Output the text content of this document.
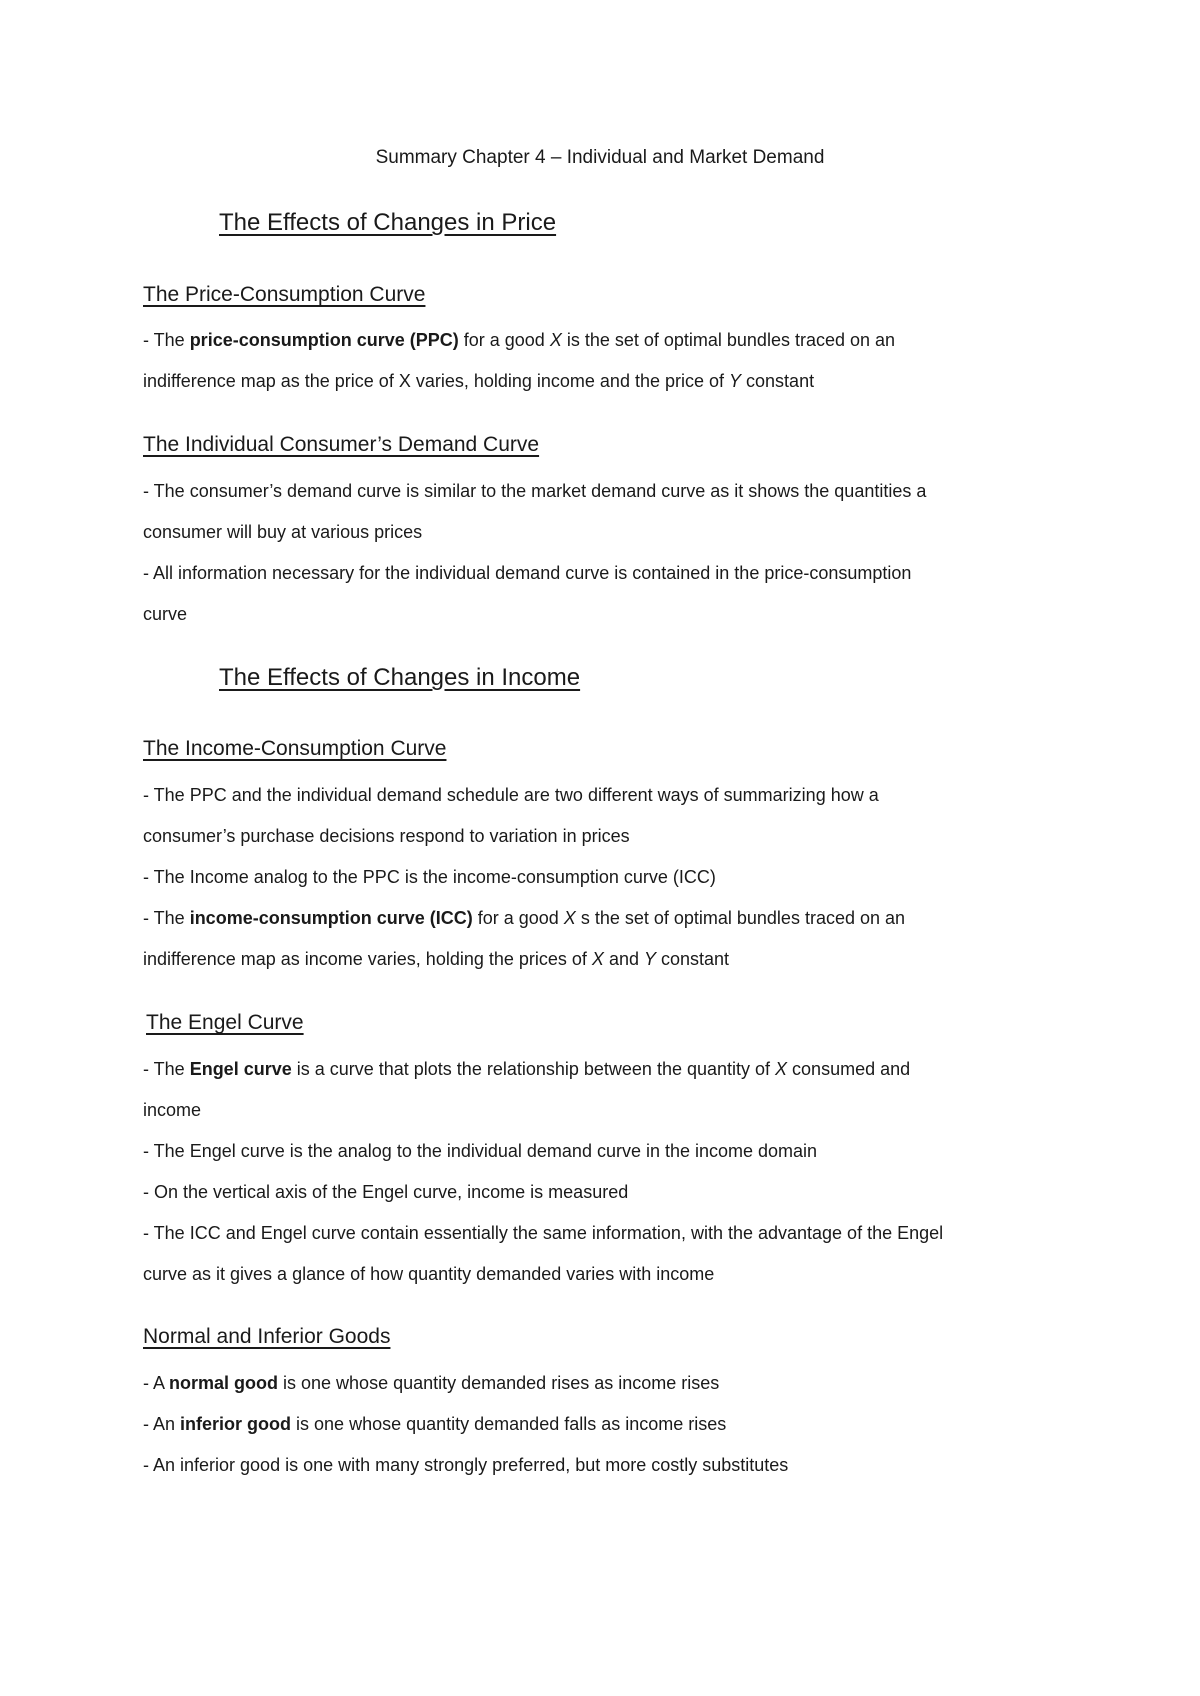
Summary Chapter 4 – Individual and Market Demand
The Effects of Changes in Price
The Price-Consumption Curve
- The price-consumption curve (PPC) for a good X is the set of optimal bundles traced on an
indifference map as the price of X varies, holding income and the price of Y constant
The Individual Consumer’s Demand Curve
- The consumer’s demand curve is similar to the market demand curve as it shows the quantities a
consumer will buy at various prices
- All information necessary for the individual demand curve is contained in the price-consumption
curve
The Effects of Changes in Income
The Income-Consumption Curve
- The PPC and the individual demand schedule are two different ways of summarizing how a
consumer’s purchase decisions respond to variation in prices
- The Income analog to the PPC is the income-consumption curve (ICC)
- The income-consumption curve (ICC) for a good X s the set of optimal bundles traced on an
indifference map as income varies, holding the prices of X and Y constant
The Engel Curve
- The Engel curve is a curve that plots the relationship between the quantity of X consumed and
income
- The Engel curve is the analog to the individual demand curve in the income domain
- On the vertical axis of the Engel curve, income is measured
- The ICC and Engel curve contain essentially the same information, with the advantage of the Engel
curve as it gives a glance of how quantity demanded varies with income
Normal and Inferior Goods
- A normal good is one whose quantity demanded rises as income rises
- An inferior good is one whose quantity demanded falls as income rises
- An inferior good is one with many strongly preferred, but more costly substitutes
